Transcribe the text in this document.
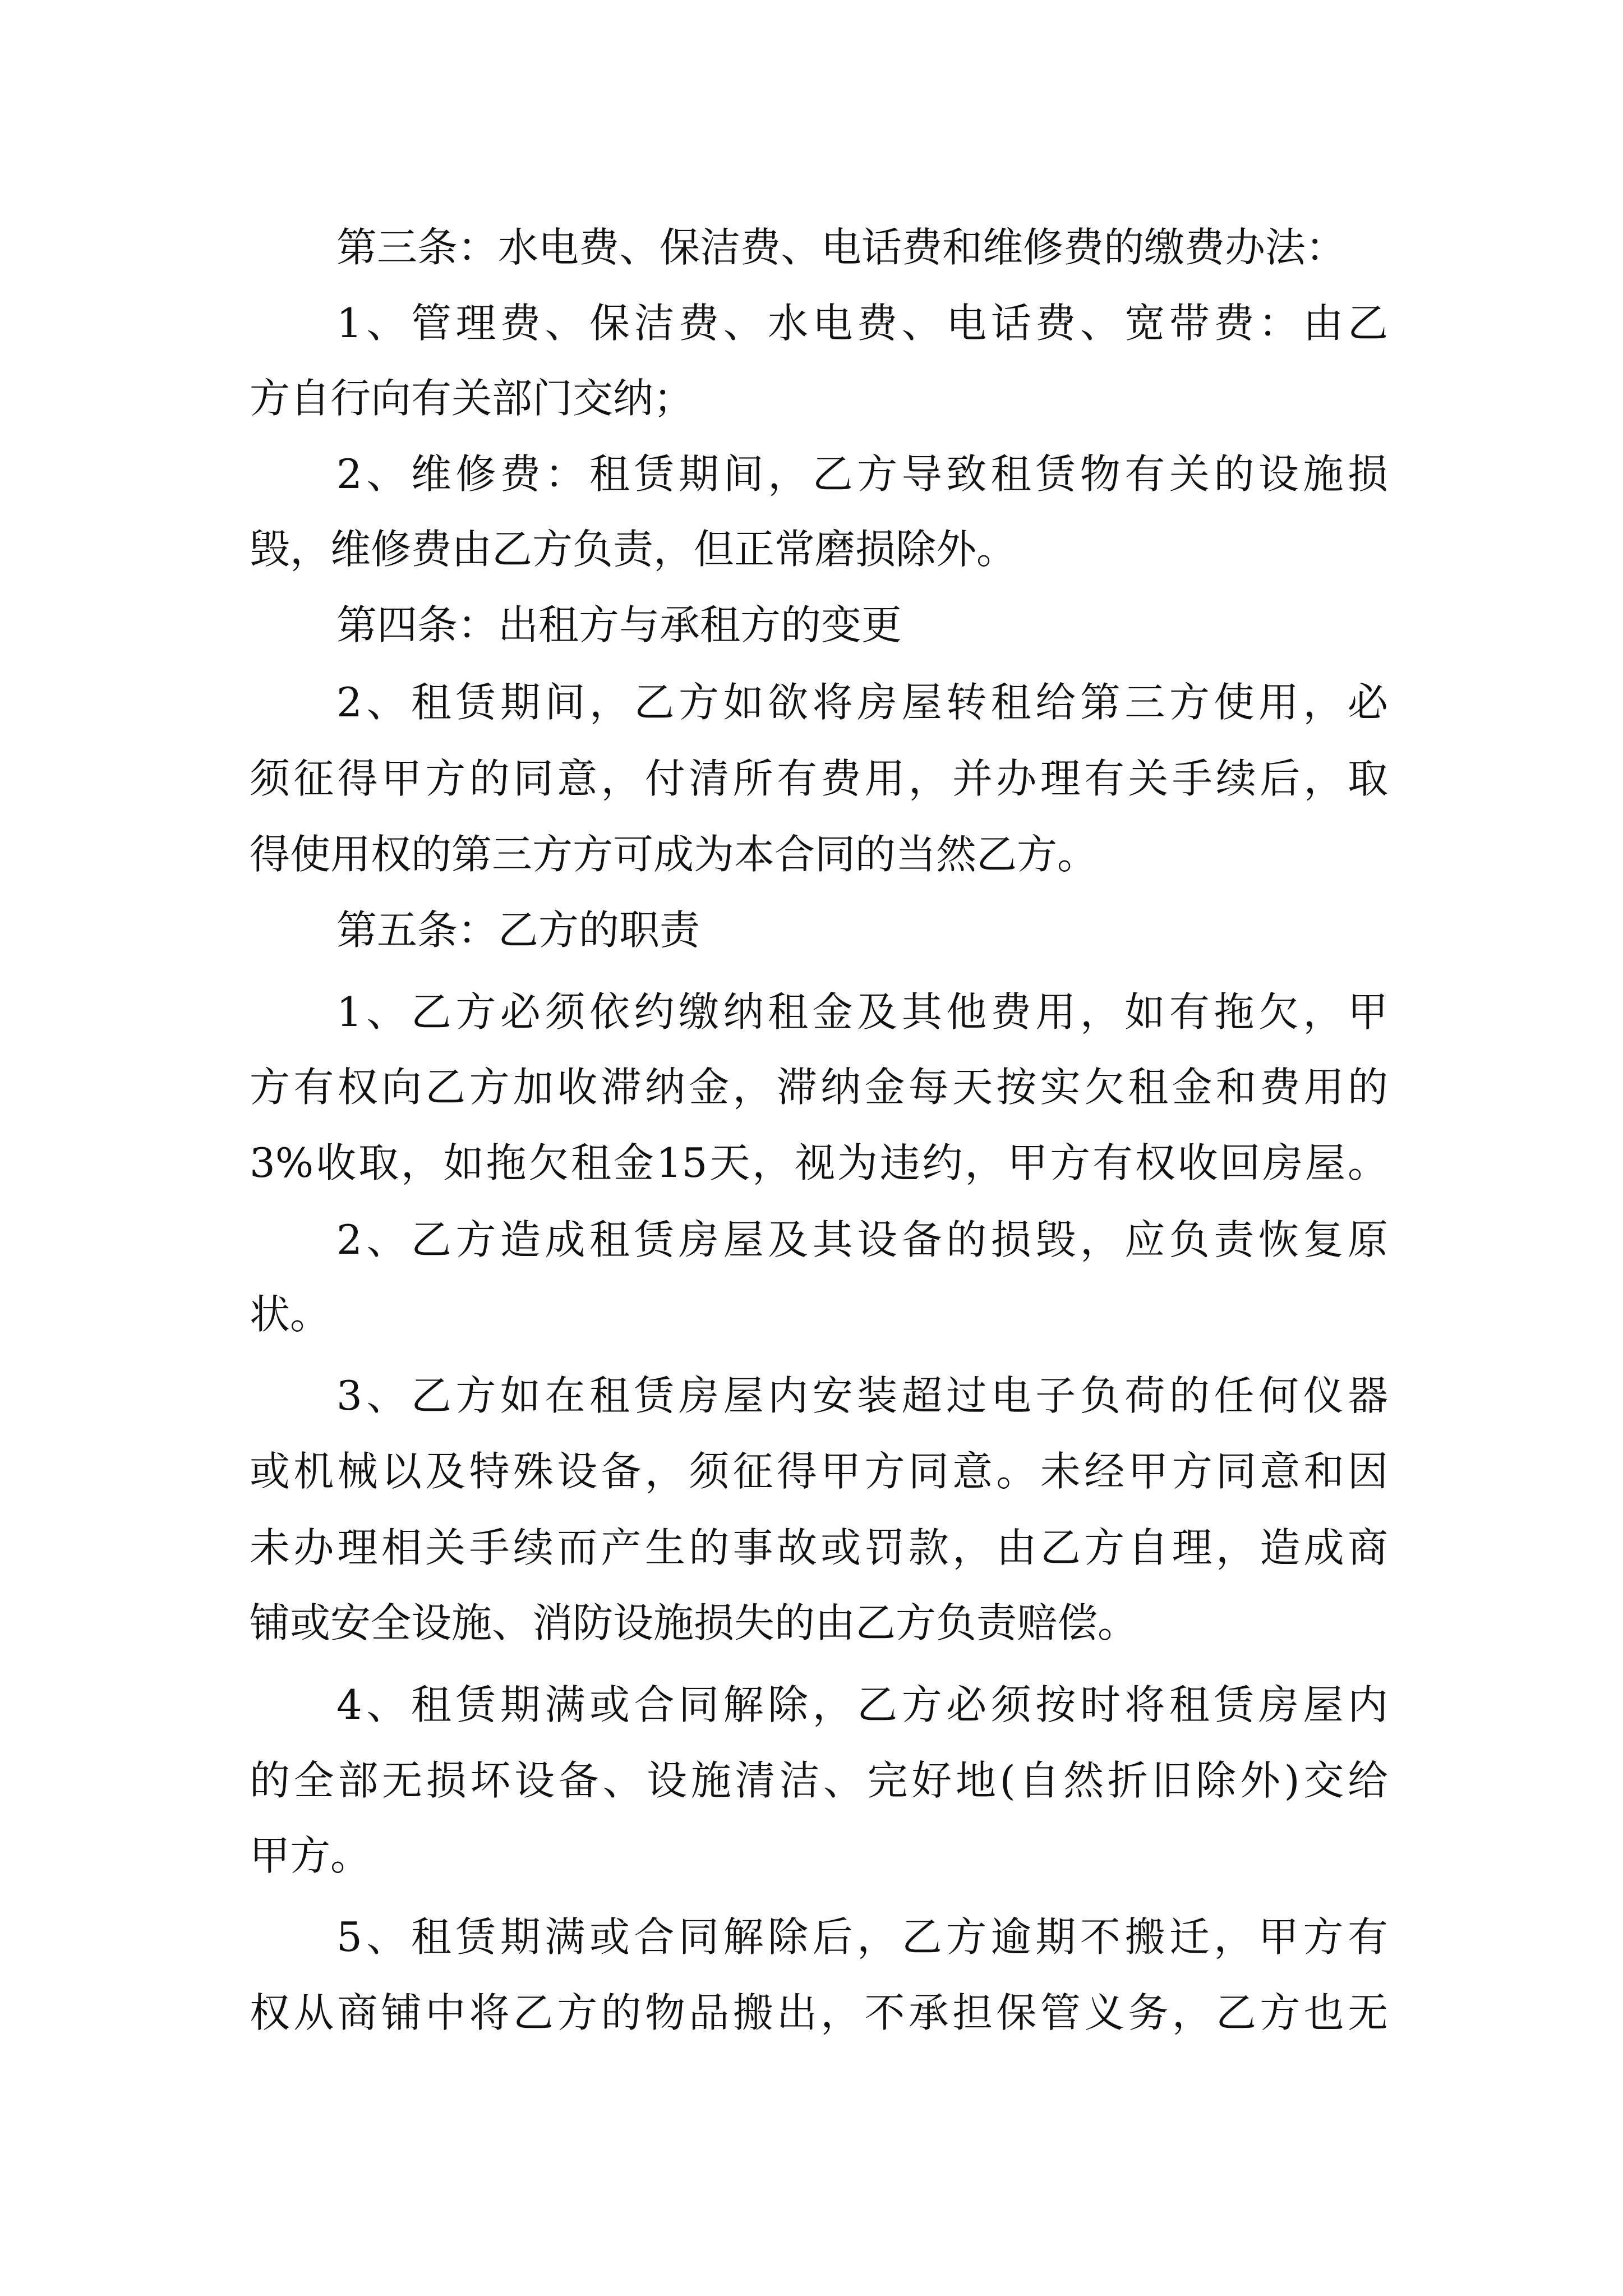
第三条：水电费、保洁费、电话费和维修费的缴费办法：
1、管理费、保洁费、水电费、电话费、宽带费：由乙
方自行向有关部门交纳；
2、维修费：租赁期间，乙方导致租赁物有关的设施损
毁，维修费由乙方负责，但正常磨损除外。
第四条：出租方与承租方的变更
2、租赁期间，乙方如欲将房屋转租给第三方使用，必
须征得甲方的同意，付清所有费用，并办理有关手续后，取
得使用权的第三方方可成为本合同的当然乙方。
第五条：乙方的职责
1、乙方必须依约缴纳租金及其他费用，如有拖欠，甲
方有权向乙方加收滞纳金，滞纳金每天按实欠租金和费用的
3%收取，如拖欠租金15天，视为违约，甲方有权收回房屋。
2、乙方造成租赁房屋及其设备的损毁，应负责恢复原
状。
3、乙方如在租赁房屋内安装超过电子负荷的任何仪器
或机械以及特殊设备，须征得甲方同意。未经甲方同意和因
未办理相关手续而产生的事故或罚款，由乙方自理，造成商
铺或安全设施、消防设施损失的由乙方负责赔偿。
4、租赁期满或合同解除，乙方必须按时将租赁房屋内
的全部无损坏设备、设施清洁、完好地(自然折旧除外)交给
甲方。
5、租赁期满或合同解除后，乙方逾期不搬迁，甲方有
权从商铺中将乙方的物品搬出，不承担保管义务，乙方也无
